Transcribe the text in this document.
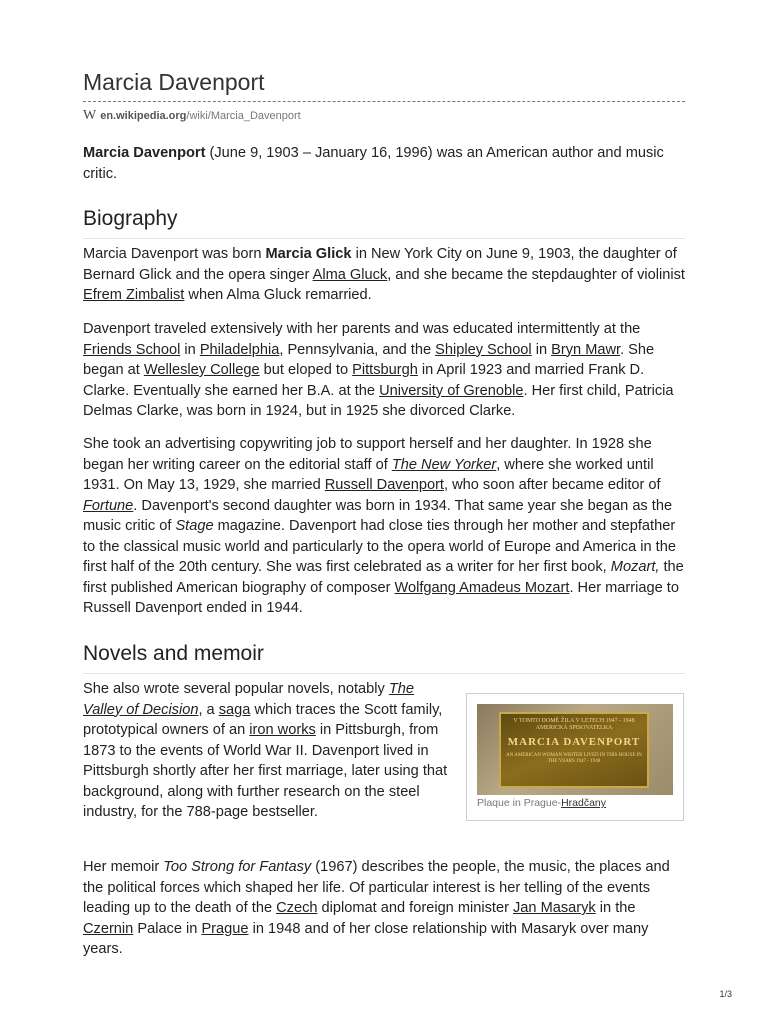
Marcia Davenport
W en.wikipedia.org/wiki/Marcia_Davenport

Marcia Davenport (June 9, 1903 – January 16, 1996) was an American author and music critic.

Biography

Marcia Davenport was born Marcia Glick in New York City on June 9, 1903, the daughter of Bernard Glick and the opera singer Alma Gluck, and she became the stepdaughter of violinist Efrem Zimbalist when Alma Gluck remarried.

Davenport traveled extensively with her parents and was educated intermittently at the Friends School in Philadelphia, Pennsylvania, and the Shipley School in Bryn Mawr. She began at Wellesley College but eloped to Pittsburgh in April 1923 and married Frank D. Clarke. Eventually she earned her B.A. at the University of Grenoble. Her first child, Patricia Delmas Clarke, was born in 1924, but in 1925 she divorced Clarke.

She took an advertising copywriting job to support herself and her daughter. In 1928 she began her writing career on the editorial staff of The New Yorker, where she worked until 1931. On May 13, 1929, she married Russell Davenport, who soon after became editor of Fortune. Davenport's second daughter was born in 1934. That same year she began as the music critic of Stage magazine. Davenport had close ties through her mother and stepfather to the classical music world and particularly to the opera world of Europe and America in the first half of the 20th century. She was first celebrated as a writer for her first book, Mozart, the first published American biography of composer Wolfgang Amadeus Mozart. Her marriage to Russell Davenport ended in 1944.

Novels and memoir

She also wrote several popular novels, notably The Valley of Decision, a saga which traces the Scott family, prototypical owners of an iron works in Pittsburgh, from 1873 to the events of World War II. Davenport lived in Pittsburgh shortly after her first marriage, later using that background, along with further research on the steel industry, for the 788-page bestseller.

V TOMTO DOMĚ ŽILA V LETECH 1947 - 1948 AMERICKÁ SPISOVATELKA
MARCIA DAVENPORT
AN AMERICAN WOMAN WRITER LIVED IN THIS HOUSE IN THE YEARS 1947 - 1948
Plaque in Prague-Hradčany

Her memoir Too Strong for Fantasy (1967) describes the people, the music, the places and the political forces which shaped her life. Of particular interest is her telling of the events leading up to the death of the Czech diplomat and foreign minister Jan Masaryk in the Czernin Palace in Prague in 1948 and of her close relationship with Masaryk over many years.

1/3
